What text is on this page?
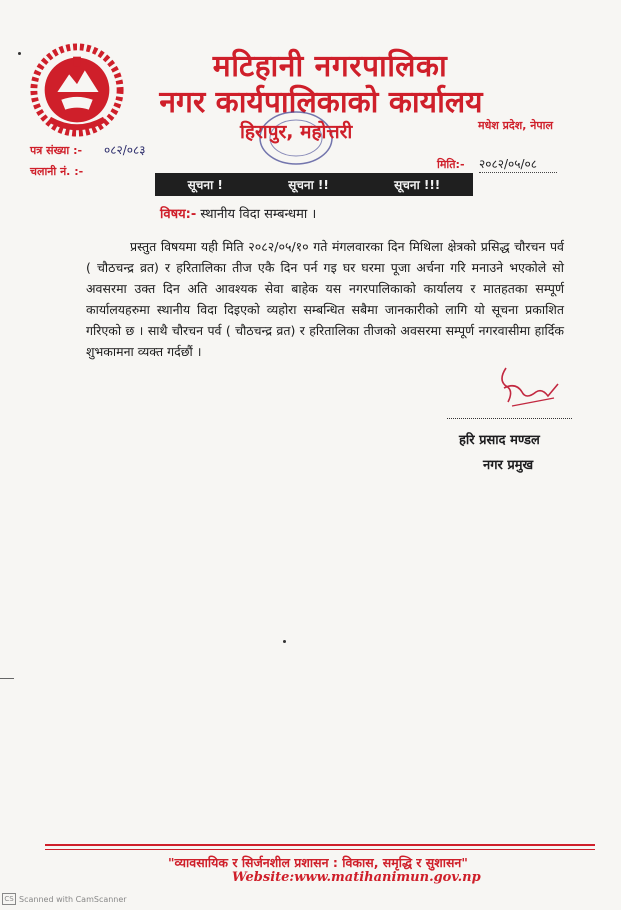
मटिहानी नगरपालिका
नगर कार्यपालिकाको कार्यालय
हिरापुर, महोत्तरी	मधेश प्रदेश, नेपाल
पत्र संख्या :- ०८२/०८३
चलानी नं. :-
मिति:- २०८२/०५/०८
सूचना !	सूचना !!	सूचना !!!
विषय:- स्थानीय विदा सम्बन्धमा ।
प्रस्तुत विषयमा यही मिति २०८२/०५/१० गते मंगलवारका दिन मिथिला क्षेत्रको प्रसिद्ध चौरचन पर्व ( चौठचन्द्र व्रत) र हरितालिका तीज एकै दिन पर्न गइ घर घरमा पूजा अर्चना गरि मनाउने भएकोले सो अवसरमा उक्त दिन अति आवश्यक सेवा बाहेक यस नगरपालिकाको कार्यालय र मातहतका सम्पूर्ण कार्यालयहरुमा स्थानीय विदा दिइएको व्यहोरा सम्बन्धित सबैमा जानकारीको लागि यो सूचना प्रकाशित गरिएको छ । साथै चौरचन पर्व ( चौठचन्द्र व्रत) र हरितालिका तीजको अवसरमा सम्पूर्ण नगरवासीमा हार्दिक शुभकामना व्यक्त गर्दछौं ।
हरि प्रसाद मण्डल
नगर प्रमुख
"व्यावसायिक र सिर्जनशील प्रशासन : विकास, समृद्धि र सुशासन"
Website:www.matihanimun.gov.np
CS Scanned with CamScanner
